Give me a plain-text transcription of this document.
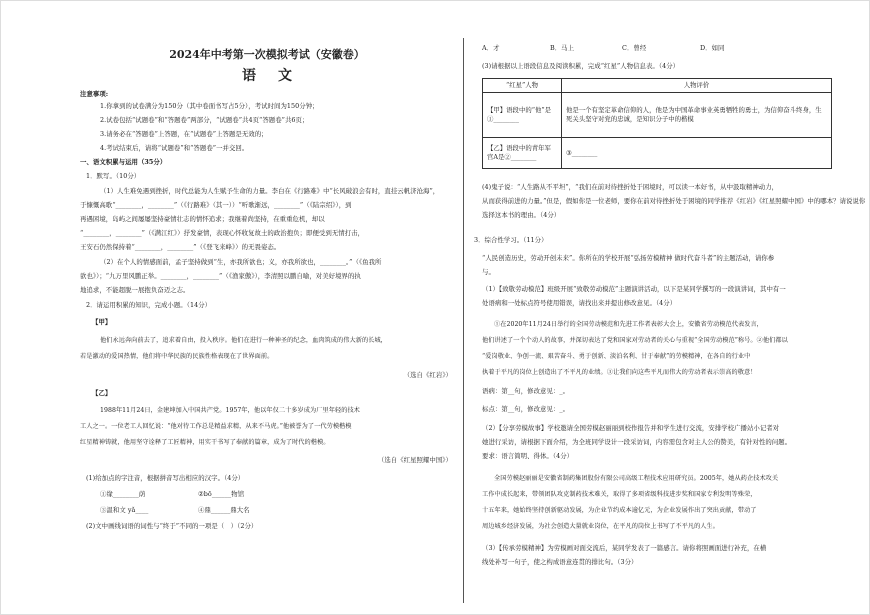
2024年中考第一次模拟考试（安徽卷）
语文
注意事项:
1.你拿到的试卷满分为150分（其中卷面书写占5分），考试时间为150分钟；
2.试卷包括“试题卷”和“答题卷”两部分，“试题卷”共4页“答题卷”共6页；
3.请务必在“答题卷”上答题，在“试题卷”上答题是无效的；
4.考试结束后，请将“试题卷”和“答题卷”一并交回。
一、语文积累与运用（35分）
1．默写。（10分）
（1）人生难免遇到挫折，时代总能为人生赋予生命的力量。李白在《行路难》中“长风破浪会有时，直挂云帆济沧海”，
于慷慨高歌“________，________”（《行路难》（其一））“听歌渐远，________”（《陆宗绍》），到
再遇困境，岛屿之间屡屡坚持豪情壮志的情怀追求；我继着尚坚持，在重重危机，却以
“________，________”（《满江红》）抒发豪情，表现心怀收复故土的政治抱负；即便受到无情打击，
王安石仍然保持着“________，________”（《登飞来峰》）的无畏姿态。
（2）在个人的情感面前，孟子坚持做到“生，亦我所欲也；义，亦我所欲也，________。”（《鱼我所
欲也》）；“九万里风鹏正举。________，________”（《渔家傲》），李清照以鹏自喻，对美好境界的执
地追求，不能超脱一展抱负奋迈之志。
2．请运用积累的知识，完成小题。（14分）
【甲】
他们永远奔向前去了，追求着自由，投入秩序。他们在进行一种神圣的纪念，血肉筑成的伟大新的长城，
若是激动的爱国热情，他们将中华民族的民族性格表现在了世界面前。
（选自《红岩》）
【乙】
1988年11月24日，金建坤加入中国共产党。1957年，他以年仅二十多岁成为厂里年轻的技术
工人之一。一位老工人回忆说：“他对待工作总是精益求精，从来不马虎。”他被誉为了一代劳模楷模
红星精神铸就，他用坚守诠释了工匠精神，用实干书写了奉献的篇章，成为了时代的楷模。
（选自《红星照耀中国》）
(1)给加点的字注音，根据拼音写出相应的汉字。（4分）
①缘________荫	②bō______物馆
③温和文 yǎ____	④鼎______鼎大名
(2)文中画线词语的词性与“终于”不同的一项是（　）（2分）
A．才	B．马上	C．曾经	D．如同
(3)请根据以上语段信息及阅读积累，完成“红星”人物信息表。（4分）
“红星”人物	人物评价
【甲】语段中的“他”是①________	他是一个有坚定革命信仰的人，他是为中国革命事业英勇牺牲的勇士，为信仰奋斗终身，生死关头坚守对党的忠诚，是知识分子中的楷模
【乙】语段中的青年军官A是②________	③________
(4)鬼子说：“人生路从不平坦”，“我们在前对待挫折处于困境时，可以读一本好书，从中汲取精神动力，
从而获得前进的力量。”但是，假如你是一位老师，要你在前对待挫折处于困境的同学推荐《红岩》《红星照耀中国》中的哪本？请说说你
选择这本书的理由。（4分）
3．综合性学习。（11分）
“人民创造历史，劳动开创未来”。你所在的学校开展“弘扬劳模精神 做时代奋斗者”的主题活动，请你参
与。
（1）【致敬劳动模范】班级开展“致敬劳动模范”主题演讲活动，以下是某同学撰写的一段演讲词，其中有一
处语病和一处标点符号使用错误，请找出来并提出修改意见。（4分）
①在2020年11月24日举行的全国劳动模范和先进工作者表彰大会上，安徽省劳动模范代表发言，
他们讲述了一个个动人的故事，并深切表达了党和国家对劳动者的关心与重视“全国劳动模范”称号。②他们都以
“爱岗敬业、争创一流、艰苦奋斗、勇于创新、淡泊名利、甘于奉献”的劳模精神，在各自的行业中
执着于平凡的岗位上创造出了不平凡的业绩。③让我们向这些平凡而伟大的劳动者表示崇高的敬意！
语病：第__句，修改意见：_。
标点：第__句，修改意见：_。
（2）【分享劳模故事】学校邀请全国劳模赵丽丽到校作报告并和学生进行交流，安排学校广播站小记者对
她进行采访，请根据下面介绍，为全班同学设计一段采访词，内容需包含对主人公的赞美，有针对性的问题。
要求：语言简明、得体。（4分）
全国劳模赵丽丽是安徽省制药集团股份有限公司高级工程技术应用研究员。2005年，她从药企技术攻关
工作中成长起来，带领团队攻克制药技术难关，取得了多项省级科技进步奖和国家专利发明等殊荣，
十五年来，她始终坚持创新驱动发展，为企业节约成本逾亿元，为企业发展作出了突出贡献，带动了
周边城乡经济发展，为社会创造大量就业岗位，在平凡的岗位上书写了不平凡的人生。
（3）【传承劳模精神】为劳模画对面交流后，某同学发表了一篇感言。请你将照画面进行补充，在横
线处补写一句子，使之构成语意连贯的排比句。（3分）
